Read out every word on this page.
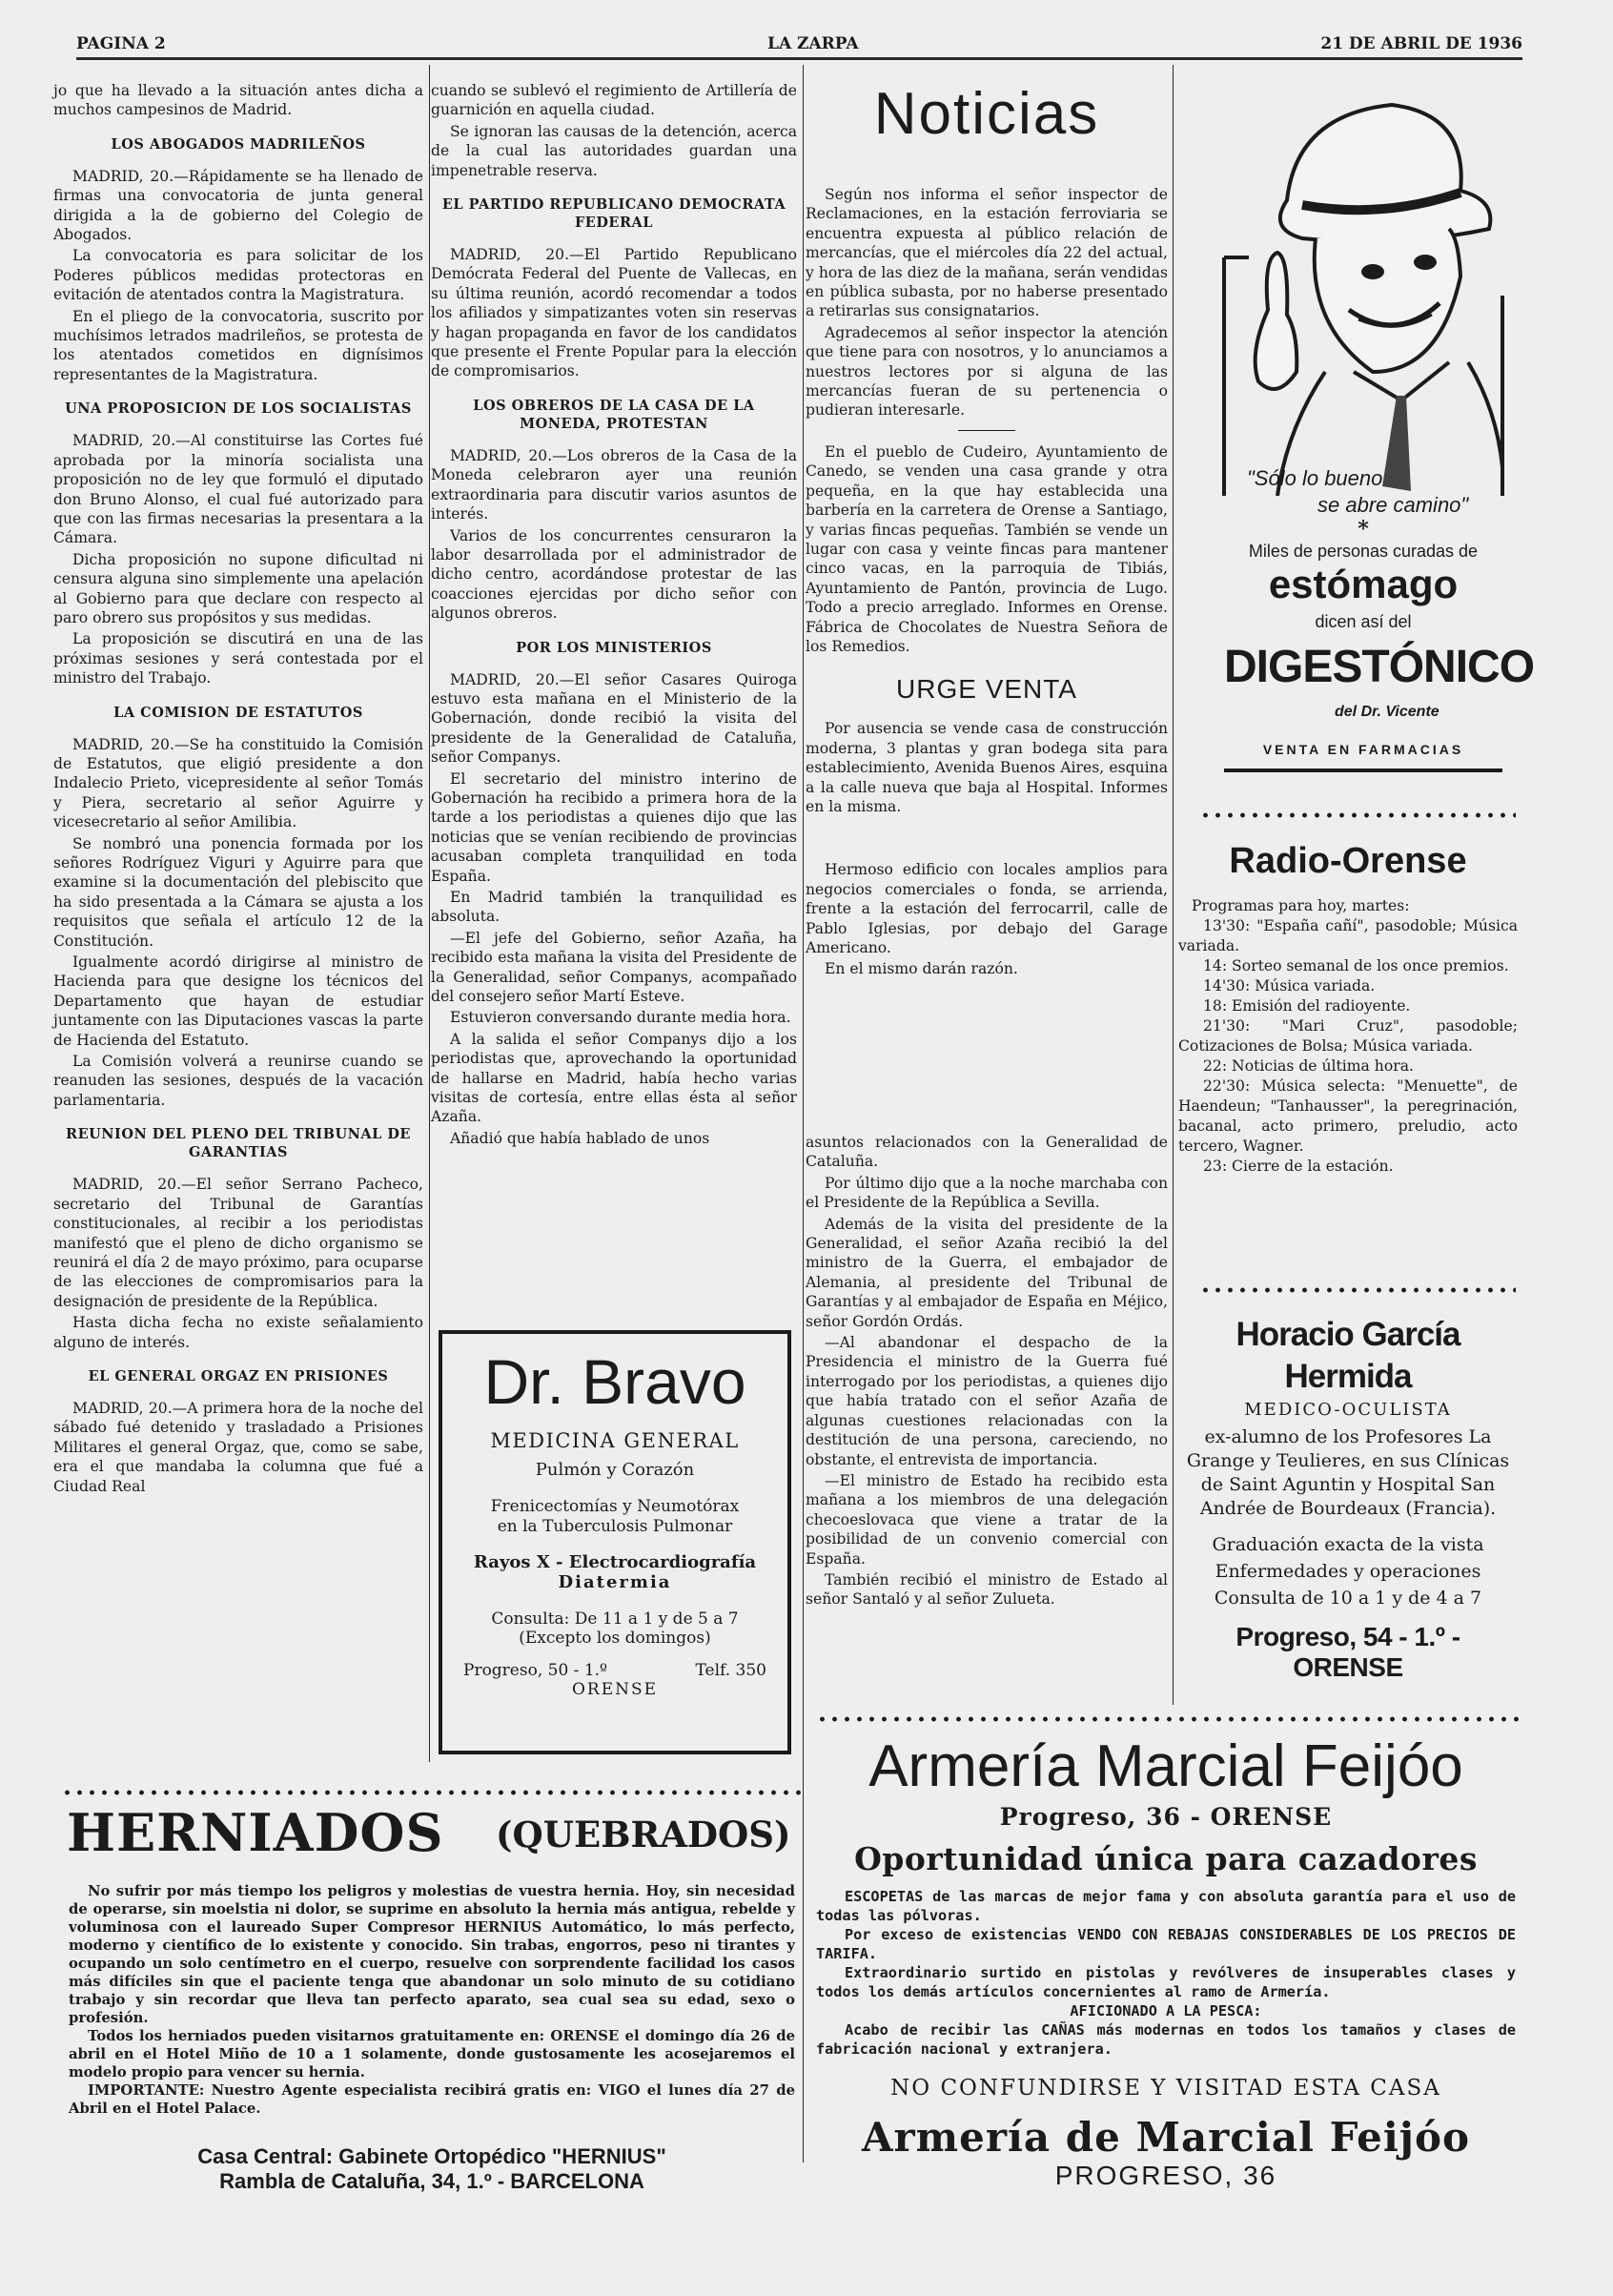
PAGINA 2	LA ZARPA	21 DE ABRIL DE 1936

jo que ha llevado a la situación antes dicha a muchos campesinos de Madrid.

LOS ABOGADOS MADRILEÑOS

MADRID, 20.—Rápidamente se ha llenado de firmas una convocatoria de junta general dirigida a la de gobierno del Colegio de Abogados.

La convocatoria es para solicitar de los Poderes públicos medidas protectoras en evitación de atentados contra la Magistratura.

En el pliego de la convocatoria, suscrito por muchísimos letrados madrileños, se protesta de los atentados cometidos en dignísimos representantes de la Magistratura.

UNA PROPOSICION DE LOS SOCIALISTAS

MADRID, 20.—Al constituirse las Cortes fué aprobada por la minoría socialista una proposición no de ley que formuló el diputado don Bruno Alonso, el cual fué autorizado para que con las firmas necesarias la presentara a la Cámara.

Dicha proposición no supone dificultad ni censura alguna sino simplemente una apelación al Gobierno para que declare con respecto al paro obrero sus propósitos y sus medidas.

La proposición se discutirá en una de las próximas sesiones y será contestada por el ministro del Trabajo.

LA COMISION DE ESTATUTOS

MADRID, 20.—Se ha constituido la Comisión de Estatutos, que eligió presidente a don Indalecio Prieto, vicepresidente al señor Tomás y Piera, secretario al señor Aguirre y vicesecretario al señor Amilibia.

Se nombró una ponencia formada por los señores Rodríguez Viguri y Aguirre para que examine si la documentación del plebiscito que ha sido presentada a la Cámara se ajusta a los requisitos que señala el artículo 12 de la Constitución.

Igualmente acordó dirigirse al ministro de Hacienda para que designe los técnicos del Departamento que hayan de estudiar juntamente con las Diputaciones vascas la parte de Hacienda del Estatuto.

La Comisión volverá a reunirse cuando se reanuden las sesiones, después de la vacación parlamentaria.

REUNION DEL PLENO DEL TRIBUNAL DE GARANTIAS

MADRID, 20.—El señor Serrano Pacheco, secretario del Tribunal de Garantías constitucionales, al recibir a los periodistas manifestó que el pleno de dicho organismo se reunirá el día 2 de mayo próximo, para ocuparse de las elecciones de compromisarios para la designación de presidente de la República.

Hasta dicha fecha no existe señalamiento alguno de interés.

EL GENERAL ORGAZ EN PRISIONES

MADRID, 20.—A primera hora de la noche del sábado fué detenido y trasladado a Prisiones Militares el general Orgaz, que, como se sabe, era el que mandaba la columna que fué a Ciudad Real

cuando se sublevó el regimiento de Artillería de guarnición en aquella ciudad.

Se ignoran las causas de la detención, acerca de la cual las autoridades guardan una impenetrable reserva.

EL PARTIDO REPUBLICANO DEMOCRATA FEDERAL

MADRID, 20.—El Partido Republicano Demócrata Federal del Puente de Vallecas, en su última reunión, acordó recomendar a todos los afiliados y simpatizantes voten sin reservas y hagan propaganda en favor de los candidatos que presente el Frente Popular para la elección de compromisarios.

LOS OBREROS DE LA CASA DE LA MONEDA, PROTESTAN

MADRID, 20.—Los obreros de la Casa de la Moneda celebraron ayer una reunión extraordinaria para discutir varios asuntos de interés.

Varios de los concurrentes censuraron la labor desarrollada por el administrador de dicho centro, acordándose protestar de las coacciones ejercidas por dicho señor con algunos obreros.

POR LOS MINISTERIOS

MADRID, 20.—El señor Casares Quiroga estuvo esta mañana en el Ministerio de la Gobernación, donde recibió la visita del presidente de la Generalidad de Cataluña, señor Companys.

El secretario del ministro interino de Gobernación ha recibido a primera hora de la tarde a los periodistas a quienes dijo que las noticias que se venían recibiendo de provincias acusaban completa tranquilidad en toda España.

En Madrid también la tranquilidad es absoluta.

—El jefe del Gobierno, señor Azaña, ha recibido esta mañana la visita del Presidente de la Generalidad, señor Companys, acompañado del consejero señor Martí Esteve.

Estuvieron conversando durante media hora.

A la salida el señor Companys dijo a los periodistas que, aprovechando la oportunidad de hallarse en Madrid, había hecho varias visitas de cortesía, entre ellas ésta al señor Azaña.

Añadió que había hablado de unos

Dr. Bravo
MEDICINA GENERAL
Pulmón y Corazón
Frenicectomías y Neumotórax
en la Tuberculosis Pulmonar
Rayos X - Electrocardiografía
Diatermia
Consulta: De 11 a 1 y de 5 a 7
(Excepto los domingos)
Progreso, 50 - 1.º	Telf. 350
ORENSE
Noticias

Según nos informa el señor inspector de Reclamaciones, en la estación ferroviaria se encuentra expuesta al público relación de mercancías, que el miércoles día 22 del actual, y hora de las diez de la mañana, serán vendidas en pública subasta, por no haberse presentado a retirarlas sus consignatarios.

Agradecemos al señor inspector la atención que tiene para con nosotros, y lo anunciamos a nuestros lectores por si alguna de las mercancías fueran de su pertenencia o pudieran interesarle.

En el pueblo de Cudeiro, Ayuntamiento de Canedo, se venden una casa grande y otra pequeña, en la que hay establecida una barbería en la carretera de Orense a Santiago, y varias fincas pequeñas. También se vende un lugar con casa y veinte fincas para mantener cinco vacas, en la parroquia de Tibiás, Ayuntamiento de Pantón, provincia de Lugo. Todo a precio arreglado. Informes en Orense. Fábrica de Chocolates de Nuestra Señora de los Remedios.

URGE VENTA

Por ausencia se vende casa de construcción moderna, 3 plantas y gran bodega sita para establecimiento, Avenida Buenos Aires, esquina a la calle nueva que baja al Hospital. Informes en la misma.

Hermoso edificio con locales amplios para negocios comerciales o fonda, se arrienda, frente a la estación del ferrocarril, calle de Pablo Iglesias, por debajo del Garage Americano.

En el mismo darán razón.

asuntos relacionados con la Generalidad de Cataluña.

Por último dijo que a la noche marchaba con el Presidente de la República a Sevilla.

Además de la visita del presidente de la Generalidad, el señor Azaña recibió la del ministro de la Guerra, el embajador de Alemania, al presidente del Tribunal de Garantías y al embajador de España en Méjico, señor Gordón Ordás.

—Al abandonar el despacho de la Presidencia el ministro de la Guerra fué interrogado por los periodistas, a quienes dijo que había tratado con el señor Azaña de algunas cuestiones relacionadas con la destitución de una persona, careciendo, no obstante, el entrevista de importancia.

—El ministro de Estado ha recibido esta mañana a los miembros de una delegación checoeslovaca que viene a tratar de la posibilidad de un convenio comercial con España.

También recibió el ministro de Estado al señor Santaló y al señor Zulueta.

"Sólo lo bueno
se abre camino"
*
Miles de personas curadas de
estómago
dicen así del
DIGESTÓNICO
del Dr. Vicente
VENTA EN FARMACIAS
Radio-Orense
Programas para hoy, martes:
13'30: "España cañí", pasodoble; Música variada.
14: Sorteo semanal de los once premios.
14'30: Música variada.
18: Emisión del radioyente.
21'30: "Mari Cruz", pasodoble; Cotizaciones de Bolsa; Música variada.
22: Noticias de última hora.
22'30: Música selecta: "Menuette", de Haendeun; "Tanhausser", la peregrinación, bacanal, acto primero, preludio, acto tercero, Wagner.
23: Cierre de la estación.
Horacio García Hermida
MEDICO-OCULISTA
ex-alumno de los Profesores La Grange y Teulieres, en sus Clínicas de Saint Aguntin y Hospital San Andrée de Bourdeaux (Francia).
Graduación exacta de la vista
Enfermedades y operaciones
Consulta de 10 a 1 y de 4 a 7
Progreso, 54 - 1.º - ORENSE
HERNIADOS (QUEBRADOS)

No sufrir por más tiempo los peligros y molestias de vuestra hernia. Hoy, sin necesidad de operarse, sin moelstia ni dolor, se suprime en absoluto la hernia más antigua, rebelde y voluminosa con el laureado Super Compresor HERNIUS Automático, lo más perfecto, moderno y científico de lo existente y conocido. Sin trabas, engorros, peso ni tirantes y ocupando un solo centímetro en el cuerpo, resuelve con sorprendente facilidad los casos más difíciles sin que el paciente tenga que abandonar un solo minuto de su cotidiano trabajo y sin recordar que lleva tan perfecto aparato, sea cual sea su edad, sexo o profesión.

Todos los herniados pueden visitarnos gratuitamente en: ORENSE el domingo día 26 de abril en el Hotel Miño de 10 a 1 solamente, donde gustosamente les acosejaremos el modelo propio para vencer su hernia.

IMPORTANTE: Nuestro Agente especialista recibirá gratis en: VIGO el lunes día 27 de Abril en el Hotel Palace.

Casa Central: Gabinete Ortopédico "HERNIUS"
Rambla de Cataluña, 34, 1.º - BARCELONA
Armería Marcial Feijóo
Progreso, 36 - ORENSE
Oportunidad única para cazadores

ESCOPETAS de las marcas de mejor fama y con absoluta garantía para el uso de todas las pólvoras.

Por exceso de existencias VENDO CON REBAJAS CONSIDERABLES DE LOS PRECIOS DE TARIFA.

Extraordinario surtido en pistolas y revólveres de insuperables clases y todos los demás artículos concernientes al ramo de Armería.

AFICIONADO A LA PESCA:

Acabo de recibir las CAÑAS más modernas en todos los tamaños y clases de fabricación nacional y extranjera.

NO CONFUNDIRSE Y VISITAD ESTA CASA
Armería de Marcial Feijóo
PROGRESO, 36
